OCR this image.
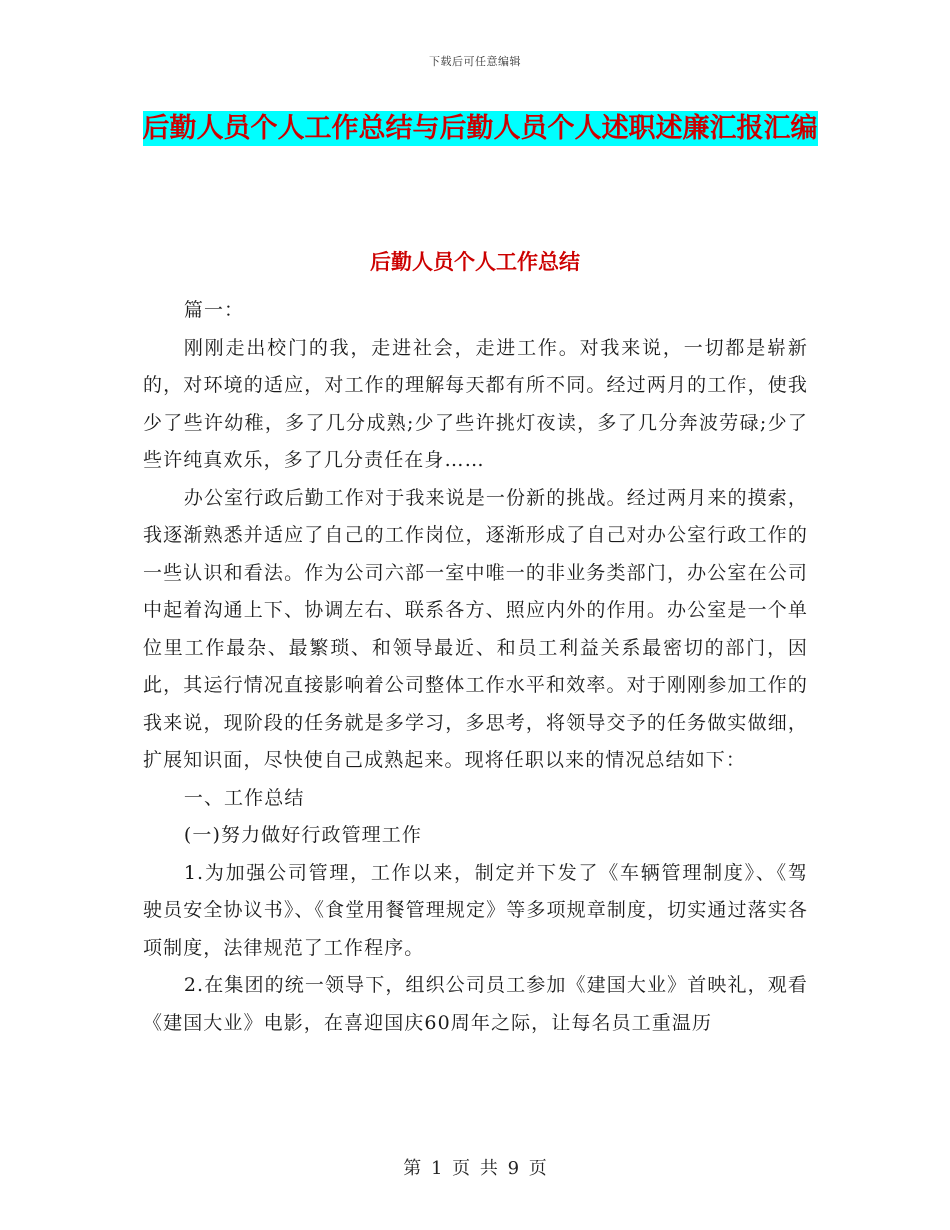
下载后可任意编辑
后勤人员个人工作总结与后勤人员个人述职述廉汇报汇编
后勤人员个人工作总结

篇一：

刚刚走出校门的我，走进社会，走进工作。对我来说，一切都是崭新的，对环境的适应，对工作的理解每天都有所不同。经过两月的工作，使我少了些许幼稚，多了几分成熟;少了些许挑灯夜读，多了几分奔波劳碌;少了些许纯真欢乐，多了几分责任在身……

办公室行政后勤工作对于我来说是一份新的挑战。经过两月来的摸索，我逐渐熟悉并适应了自己的工作岗位，逐渐形成了自己对办公室行政工作的一些认识和看法。作为公司六部一室中唯一的非业务类部门，办公室在公司中起着沟通上下、协调左右、联系各方、照应内外的作用。办公室是一个单位里工作最杂、最繁琐、和领导最近、和员工利益关系最密切的部门，因此，其运行情况直接影响着公司整体工作水平和效率。对于刚刚参加工作的我来说，现阶段的任务就是多学习，多思考，将领导交予的任务做实做细，扩展知识面，尽快使自己成熟起来。现将任职以来的情况总结如下：

一、工作总结

(一)努力做好行政管理工作

1.为加强公司管理，工作以来，制定并下发了《车辆管理制度》、《驾驶员安全协议书》、《食堂用餐管理规定》等多项规章制度，切实通过落实各项制度，法律规范了工作程序。

2.在集团的统一领导下，组织公司员工参加《建国大业》首映礼，观看《建国大业》电影，在喜迎国庆60周年之际，让每名员工重温历

第 1 页 共 9 页
